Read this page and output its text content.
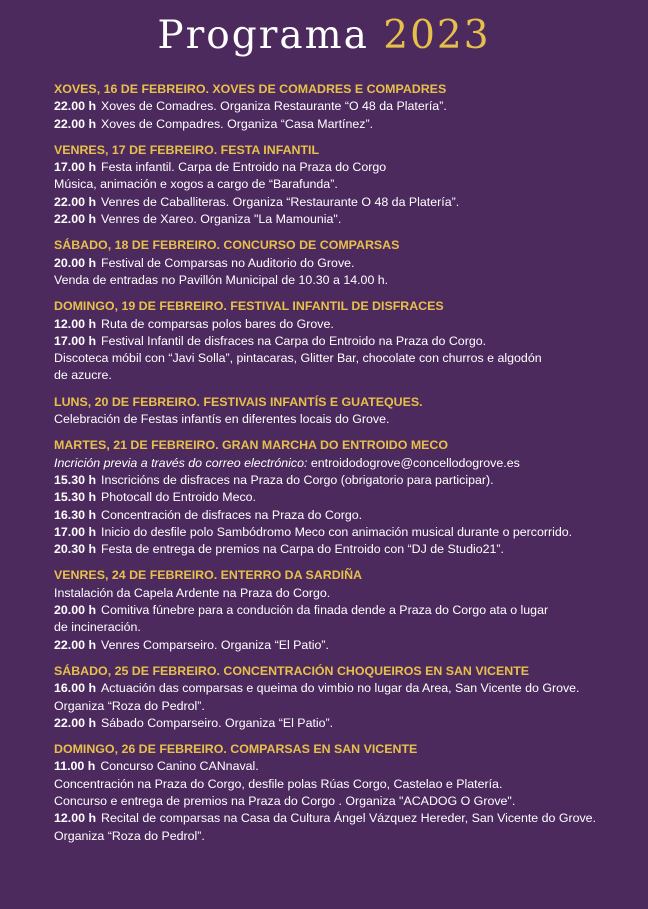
Programa 2023
XOVES, 16 DE FEBREIRO. XOVES DE COMADRES E COMPADRES
22.00 h Xoves de Comadres. Organiza Restaurante “O 48 da Platería”.
22.00 h Xoves de Compadres. Organiza “Casa Martínez”.
VENRES, 17 DE FEBREIRO. FESTA INFANTIL
17.00 h Festa infantil. Carpa de Entroido na Praza do Corgo
Música, animación e xogos a cargo de “Barafunda”.
22.00 h Venres de Caballiteras. Organiza “Restaurante O 48 da Platería”.
22.00 h Venres de Xareo. Organiza "La Mamounia".
SÁBADO, 18 DE FEBREIRO. CONCURSO DE COMPARSAS
20.00 h Festival de Comparsas no Auditorio do Grove.
Venda de entradas no Pavillón Municipal de 10.30 a 14.00 h.
DOMINGO, 19 DE FEBREIRO. FESTIVAL INFANTIL DE DISFRACES
12.00 h Ruta de comparsas polos bares do Grove.
17.00 h Festival Infantil de disfraces na Carpa do Entroido na Praza do Corgo.
Discoteca móbil con “Javi Solla”, pintacaras, Glitter Bar, chocolate con churros e algodón
de azucre.
LUNS, 20 DE FEBREIRO. FESTIVAIS INFANTÍS E GUATEQUES.
Celebración de Festas infantís en diferentes locais do Grove.
MARTES, 21 DE FEBREIRO. GRAN MARCHA DO ENTROIDO MECO
Incrición previa a través do correo electrónico: entroidodogrove@concellodogrove.es
15.30 h Inscricións de disfraces na Praza do Corgo (obrigatorio para participar).
15.30 h Photocall do Entroido Meco.
16.30 h Concentración de disfraces na Praza do Corgo.
17.00 h Inicio do desfile polo Sambódromo Meco con animación musical durante o percorrido.
20.30 h Festa de entrega de premios na Carpa do Entroido con “DJ de Studio21”.
VENRES, 24 DE FEBREIRO. ENTERRO DA SARDIÑA
Instalación da Capela Ardente na Praza do Corgo.
20.00 h Comitiva fúnebre para a condución da finada dende a Praza do Corgo ata o lugar
de incineración.
22.00 h Venres Comparseiro. Organiza “El Patio”.
SÁBADO, 25 DE FEBREIRO. CONCENTRACIÓN CHOQUEIROS EN SAN VICENTE
16.00 h Actuación das comparsas e queima do vimbio no lugar da Area, San Vicente do Grove.
Organiza “Roza do Pedrol”.
22.00 h Sábado Comparseiro. Organiza “El Patio”.
DOMINGO, 26 DE FEBREIRO. COMPARSAS EN SAN VICENTE
11.00 h Concurso Canino CANnaval.
Concentración na Praza do Corgo, desfile polas Rúas Corgo, Castelao e Platería.
Concurso e entrega de premios na Praza do Corgo . Organiza "ACADOG O Grove".
12.00 h Recital de comparsas na Casa da Cultura Ángel Vázquez Hereder, San Vicente do Grove.
Organiza “Roza do Pedrol”.
